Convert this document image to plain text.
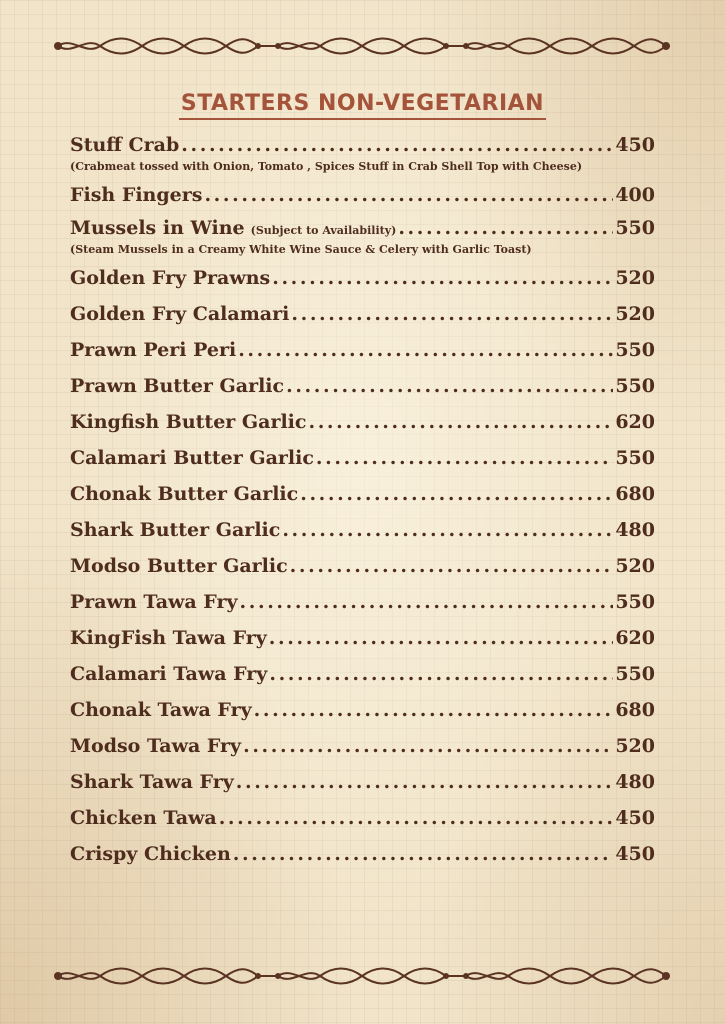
STARTERS NON-VEGETARIAN
Stuff Crab . . .	450
(Crabmeat tossed with Onion, Tomato , Spices Stuff in Crab Shell Top with Cheese)
Fish Fingers . . .	400
Mussels in Wine (Subject to Availability) . . .	550
(Steam Mussels in a Creamy White Wine Sauce & Celery with Garlic Toast)
Golden Fry Prawns . . .	520
Golden Fry Calamari . . .	520
Prawn Peri Peri . . .	550
Prawn Butter Garlic . . .	550
Kingfish Butter Garlic . . .	620
Calamari Butter Garlic . . .	550
Chonak Butter Garlic . . .	680
Shark Butter Garlic . . .	480
Modso Butter Garlic . . .	520
Prawn Tawa Fry . . .	550
KingFish Tawa Fry . . .	620
Calamari Tawa Fry . . .	550
Chonak Tawa Fry . . .	680
Modso Tawa Fry . . .	520
Shark Tawa Fry . . .	480
Chicken Tawa . . .	450
Crispy Chicken . . .	450
